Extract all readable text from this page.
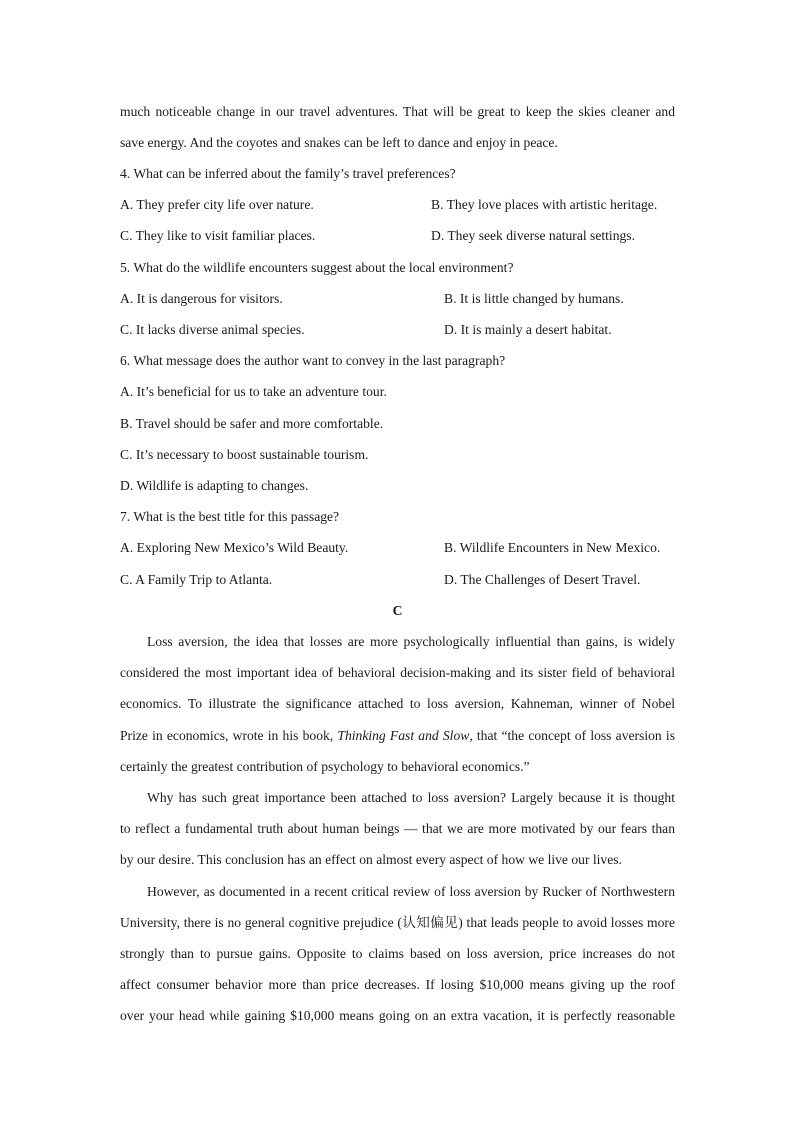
much noticeable change in our travel adventures. That will be great to keep the skies cleaner and
save energy. And the coyotes and snakes can be left to dance and enjoy in peace.
4. What can be inferred about the family’s travel preferences?
A. They prefer city life over nature.	B. They love places with artistic heritage.
C. They like to visit familiar places.	D. They seek diverse natural settings.
5. What do the wildlife encounters suggest about the local environment?
A. It is dangerous for visitors.	B. It is little changed by humans.
C. It lacks diverse animal species.	D. It is mainly a desert habitat.
6. What message does the author want to convey in the last paragraph?
A. It’s beneficial for us to take an adventure tour.
B. Travel should be safer and more comfortable.
C. It’s necessary to boost sustainable tourism.
D. Wildlife is adapting to changes.
7. What is the best title for this passage?
A. Exploring New Mexico’s Wild Beauty.	B. Wildlife Encounters in New Mexico.
C. A Family Trip to Atlanta.	D. The Challenges of Desert Travel.
C
Loss aversion, the idea that losses are more psychologically influential than gains, is widely
considered the most important idea of behavioral decision-making and its sister field of behavioral
economics. To illustrate the significance attached to loss aversion, Kahneman, winner of Nobel
Prize in economics, wrote in his book, Thinking Fast and Slow, that “the concept of loss aversion is
certainly the greatest contribution of psychology to behavioral economics.”
Why has such great importance been attached to loss aversion? Largely because it is thought
to reflect a fundamental truth about human beings — that we are more motivated by our fears than
by our desire. This conclusion has an effect on almost every aspect of how we live our lives.
However, as documented in a recent critical review of loss aversion by Rucker of Northwestern
University, there is no general cognitive prejudice (认知偏见) that leads people to avoid losses more
strongly than to pursue gains. Opposite to claims based on loss aversion, price increases do not
affect consumer behavior more than price decreases. If losing $10,000 means giving up the roof
over your head while gaining $10,000 means going on an extra vacation, it is perfectly reasonable
